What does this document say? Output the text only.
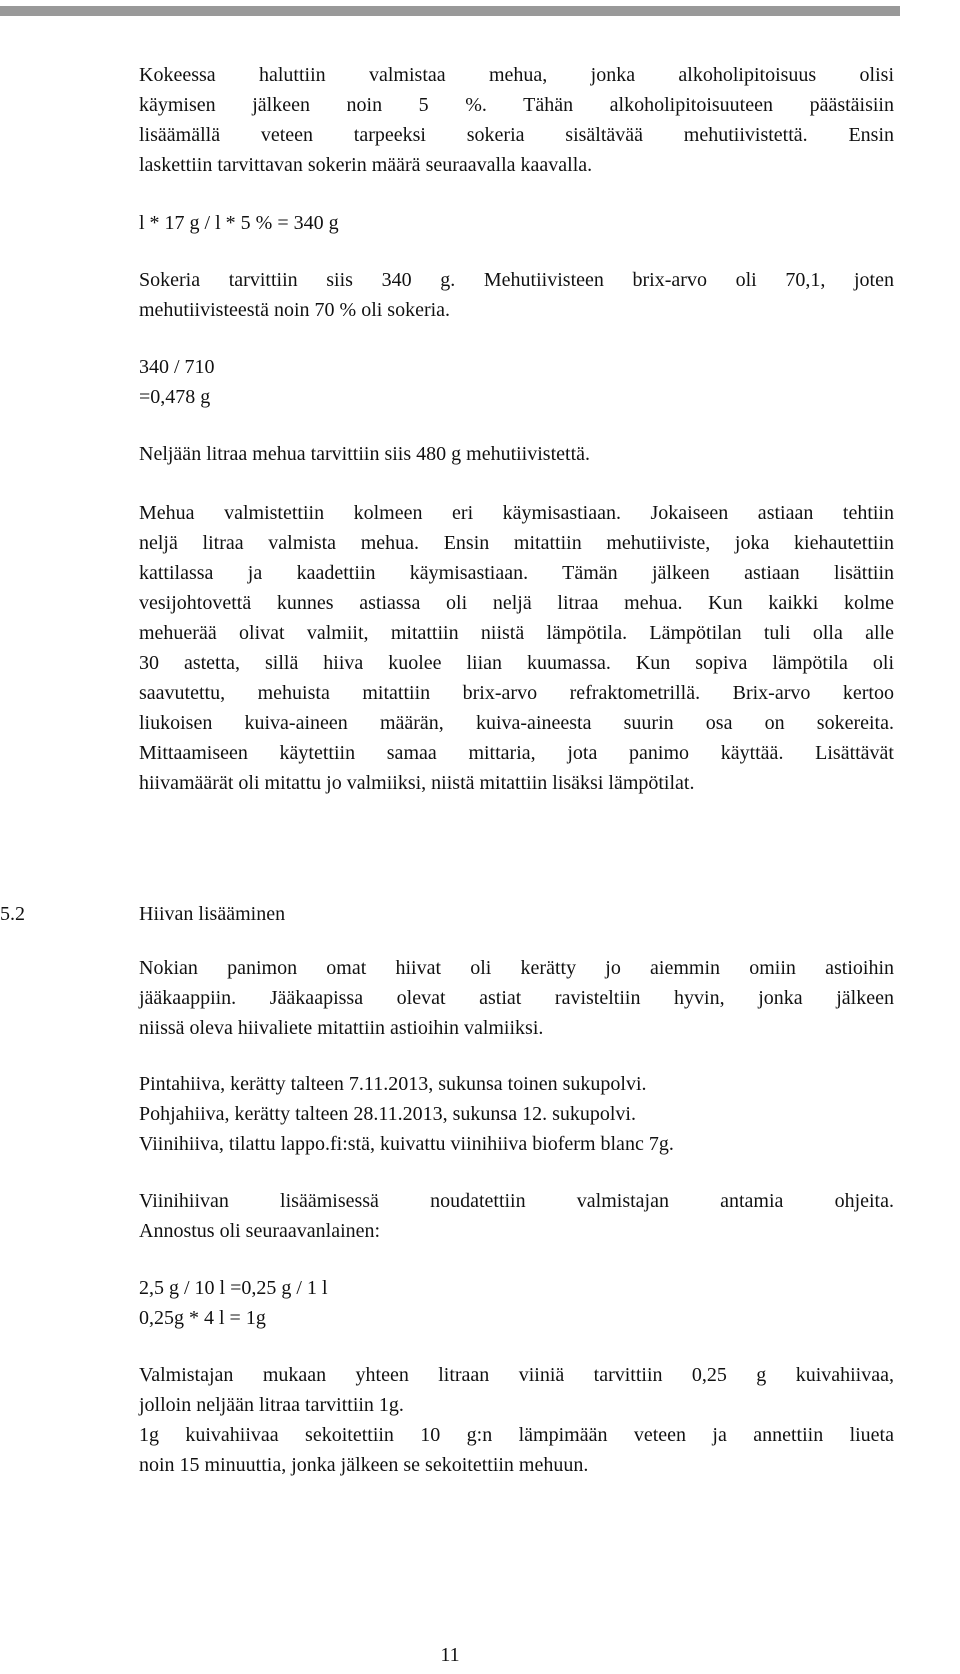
Kokeessa haluttiin valmistaa mehua, jonka alkoholipitoisuus olisi
käymisen jälkeen noin 5 %. Tähän alkoholipitoisuuteen päästäisiin
lisäämällä veteen tarpeeksi sokeria sisältävää mehutiivistettä. Ensin
laskettiin tarvittavan sokerin määrä seuraavalla kaavalla.
l * 17 g / l * 5 % = 340 g
Sokeria tarvittiin siis 340 g. Mehutiivisteen brix-arvo oli 70,1, joten
mehutiivisteestä noin 70 % oli sokeria.
340 / 710
=0,478 g
Neljään litraa mehua tarvittiin siis 480 g mehutiivistettä.
Mehua valmistettiin kolmeen eri käymisastiaan. Jokaiseen astiaan tehtiin
neljä litraa valmista mehua. Ensin mitattiin mehutiiviste, joka kiehautettiin
kattilassa ja kaadettiin käymisastiaan. Tämän jälkeen astiaan lisättiin
vesijohtovettä kunnes astiassa oli neljä litraa mehua. Kun kaikki kolme
mehuerää olivat valmiit, mitattiin niistä lämpötila. Lämpötilan tuli olla alle
30 astetta, sillä hiiva kuolee liian kuumassa. Kun sopiva lämpötila oli
saavutettu, mehuista mitattiin brix-arvo refraktometrillä. Brix-arvo kertoo
liukoisen kuiva-aineen määrän, kuiva-aineesta suurin osa on sokereita.
Mittaamiseen käytettiin samaa mittaria, jota panimo käyttää. Lisättävät
hiivamäärät oli mitattu jo valmiiksi, niistä mitattiin lisäksi lämpötilat.
5.2	Hiivan lisääminen
Nokian panimon omat hiivat oli kerätty jo aiemmin omiin astioihin
jääkaappiin. Jääkaapissa olevat astiat ravisteltiin hyvin, jonka jälkeen
niissä oleva hiivaliete mitattiin astioihin valmiiksi.
Pintahiiva, kerätty talteen 7.11.2013, sukunsa toinen sukupolvi.
Pohjahiiva, kerätty talteen 28.11.2013, sukunsa 12. sukupolvi.
Viinihiiva, tilattu lappo.fi:stä, kuivattu viinihiiva bioferm blanc 7g.
Viinihiivan lisäämisessä noudatettiin valmistajan antamia ohjeita.
Annostus oli seuraavanlainen:
2,5 g / 10 l =0,25 g / 1 l
0,25g * 4 l = 1g
Valmistajan mukaan yhteen litraan viiniä tarvittiin 0,25 g kuivahiivaa,
jolloin neljään litraa tarvittiin 1g.
1g kuivahiivaa sekoitettiin 10 g:n lämpimään veteen ja annettiin liueta
noin 15 minuuttia, jonka jälkeen se sekoitettiin mehuun.
11
